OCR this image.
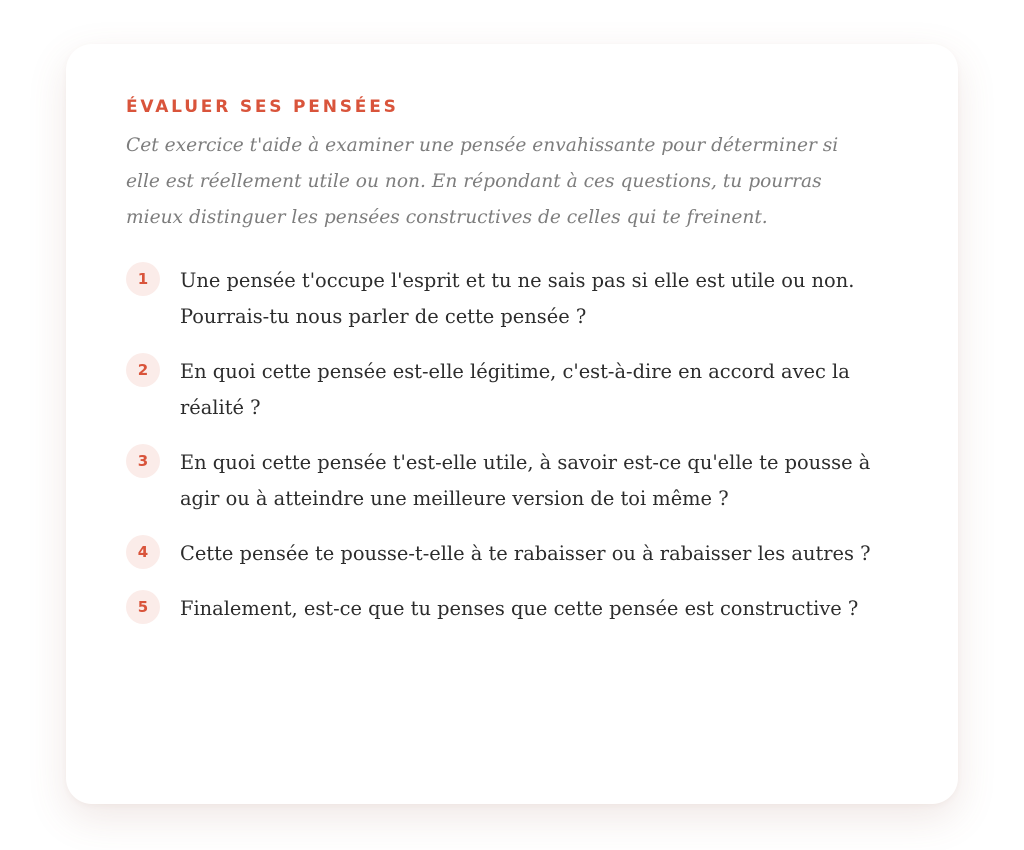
ÉVALUER SES PENSÉES

Cet exercice t'aide à examiner une pensée envahissante pour déterminer si elle est réellement utile ou non. En répondant à ces questions, tu pourras mieux distinguer les pensées constructives de celles qui te freinent.

1	Une pensée t'occupe l'esprit et tu ne sais pas si elle est utile ou non. Pourrais-tu nous parler de cette pensée ?

2	En quoi cette pensée est-elle légitime, c'est-à-dire en accord avec la réalité ?

3	En quoi cette pensée t'est-elle utile, à savoir est-ce qu'elle te pousse à agir ou à atteindre une meilleure version de toi même ?

4	Cette pensée te pousse-t-elle à te rabaisser ou à rabaisser les autres ?

5	Finalement, est-ce que tu penses que cette pensée est constructive ?
